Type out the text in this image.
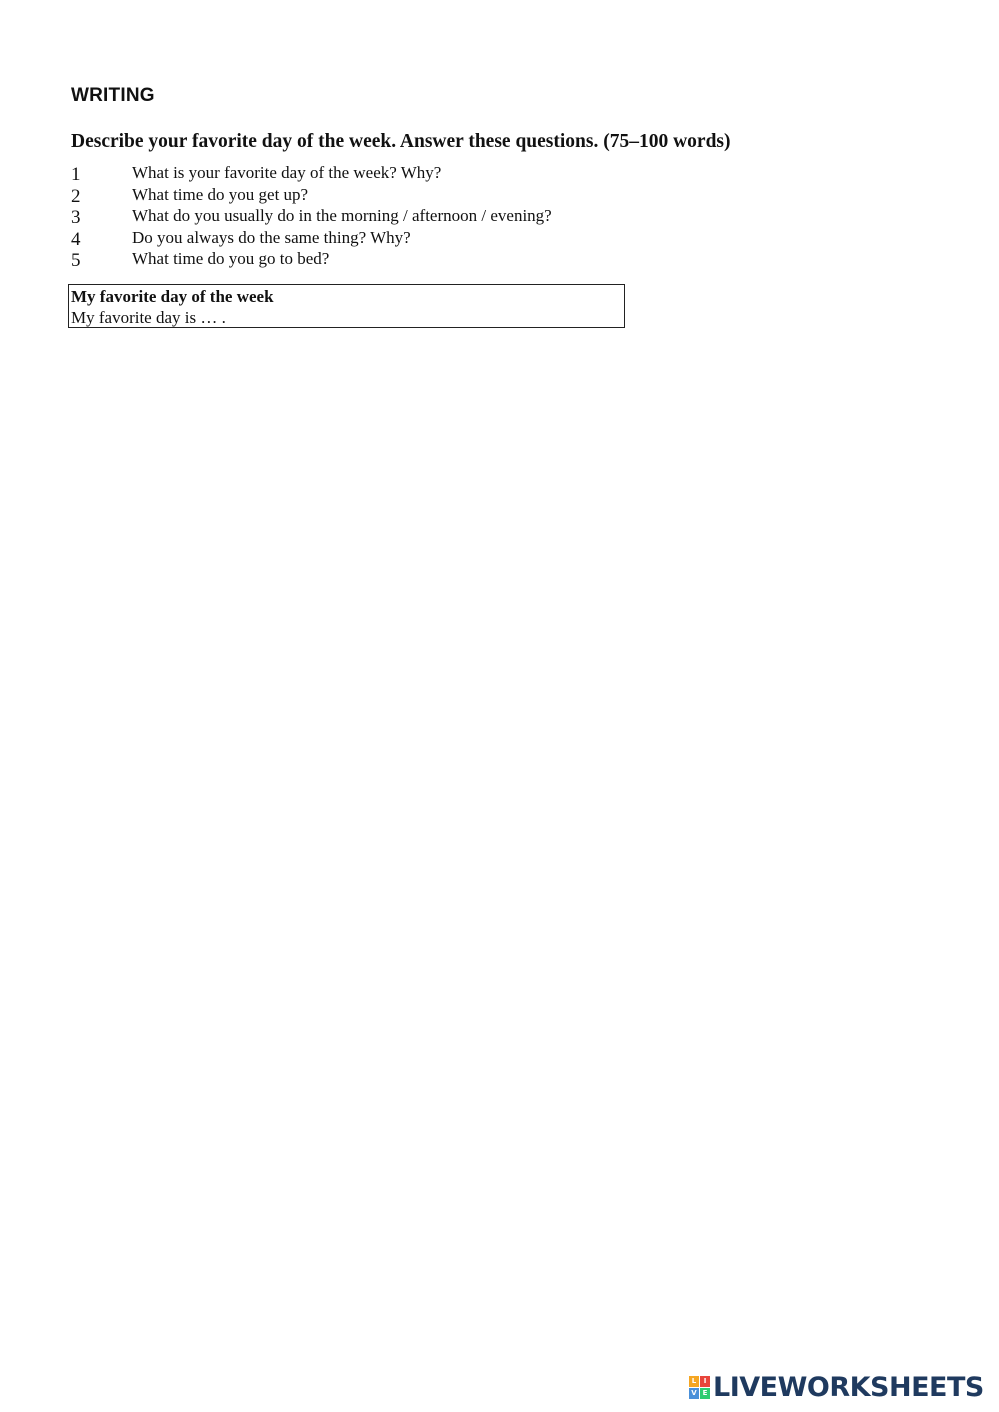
WRITING

Describe your favorite day of the week. Answer these questions. (75–100 words)

1	What is your favorite day of the week? Why?
2	What time do you get up?
3	What do you usually do in the morning / afternoon / evening?
4	Do you always do the same thing? Why?
5	What time do you go to bed?
My favorite day of the week
My favorite day is … .
L	I
V E LIVEWORKSHEETS
